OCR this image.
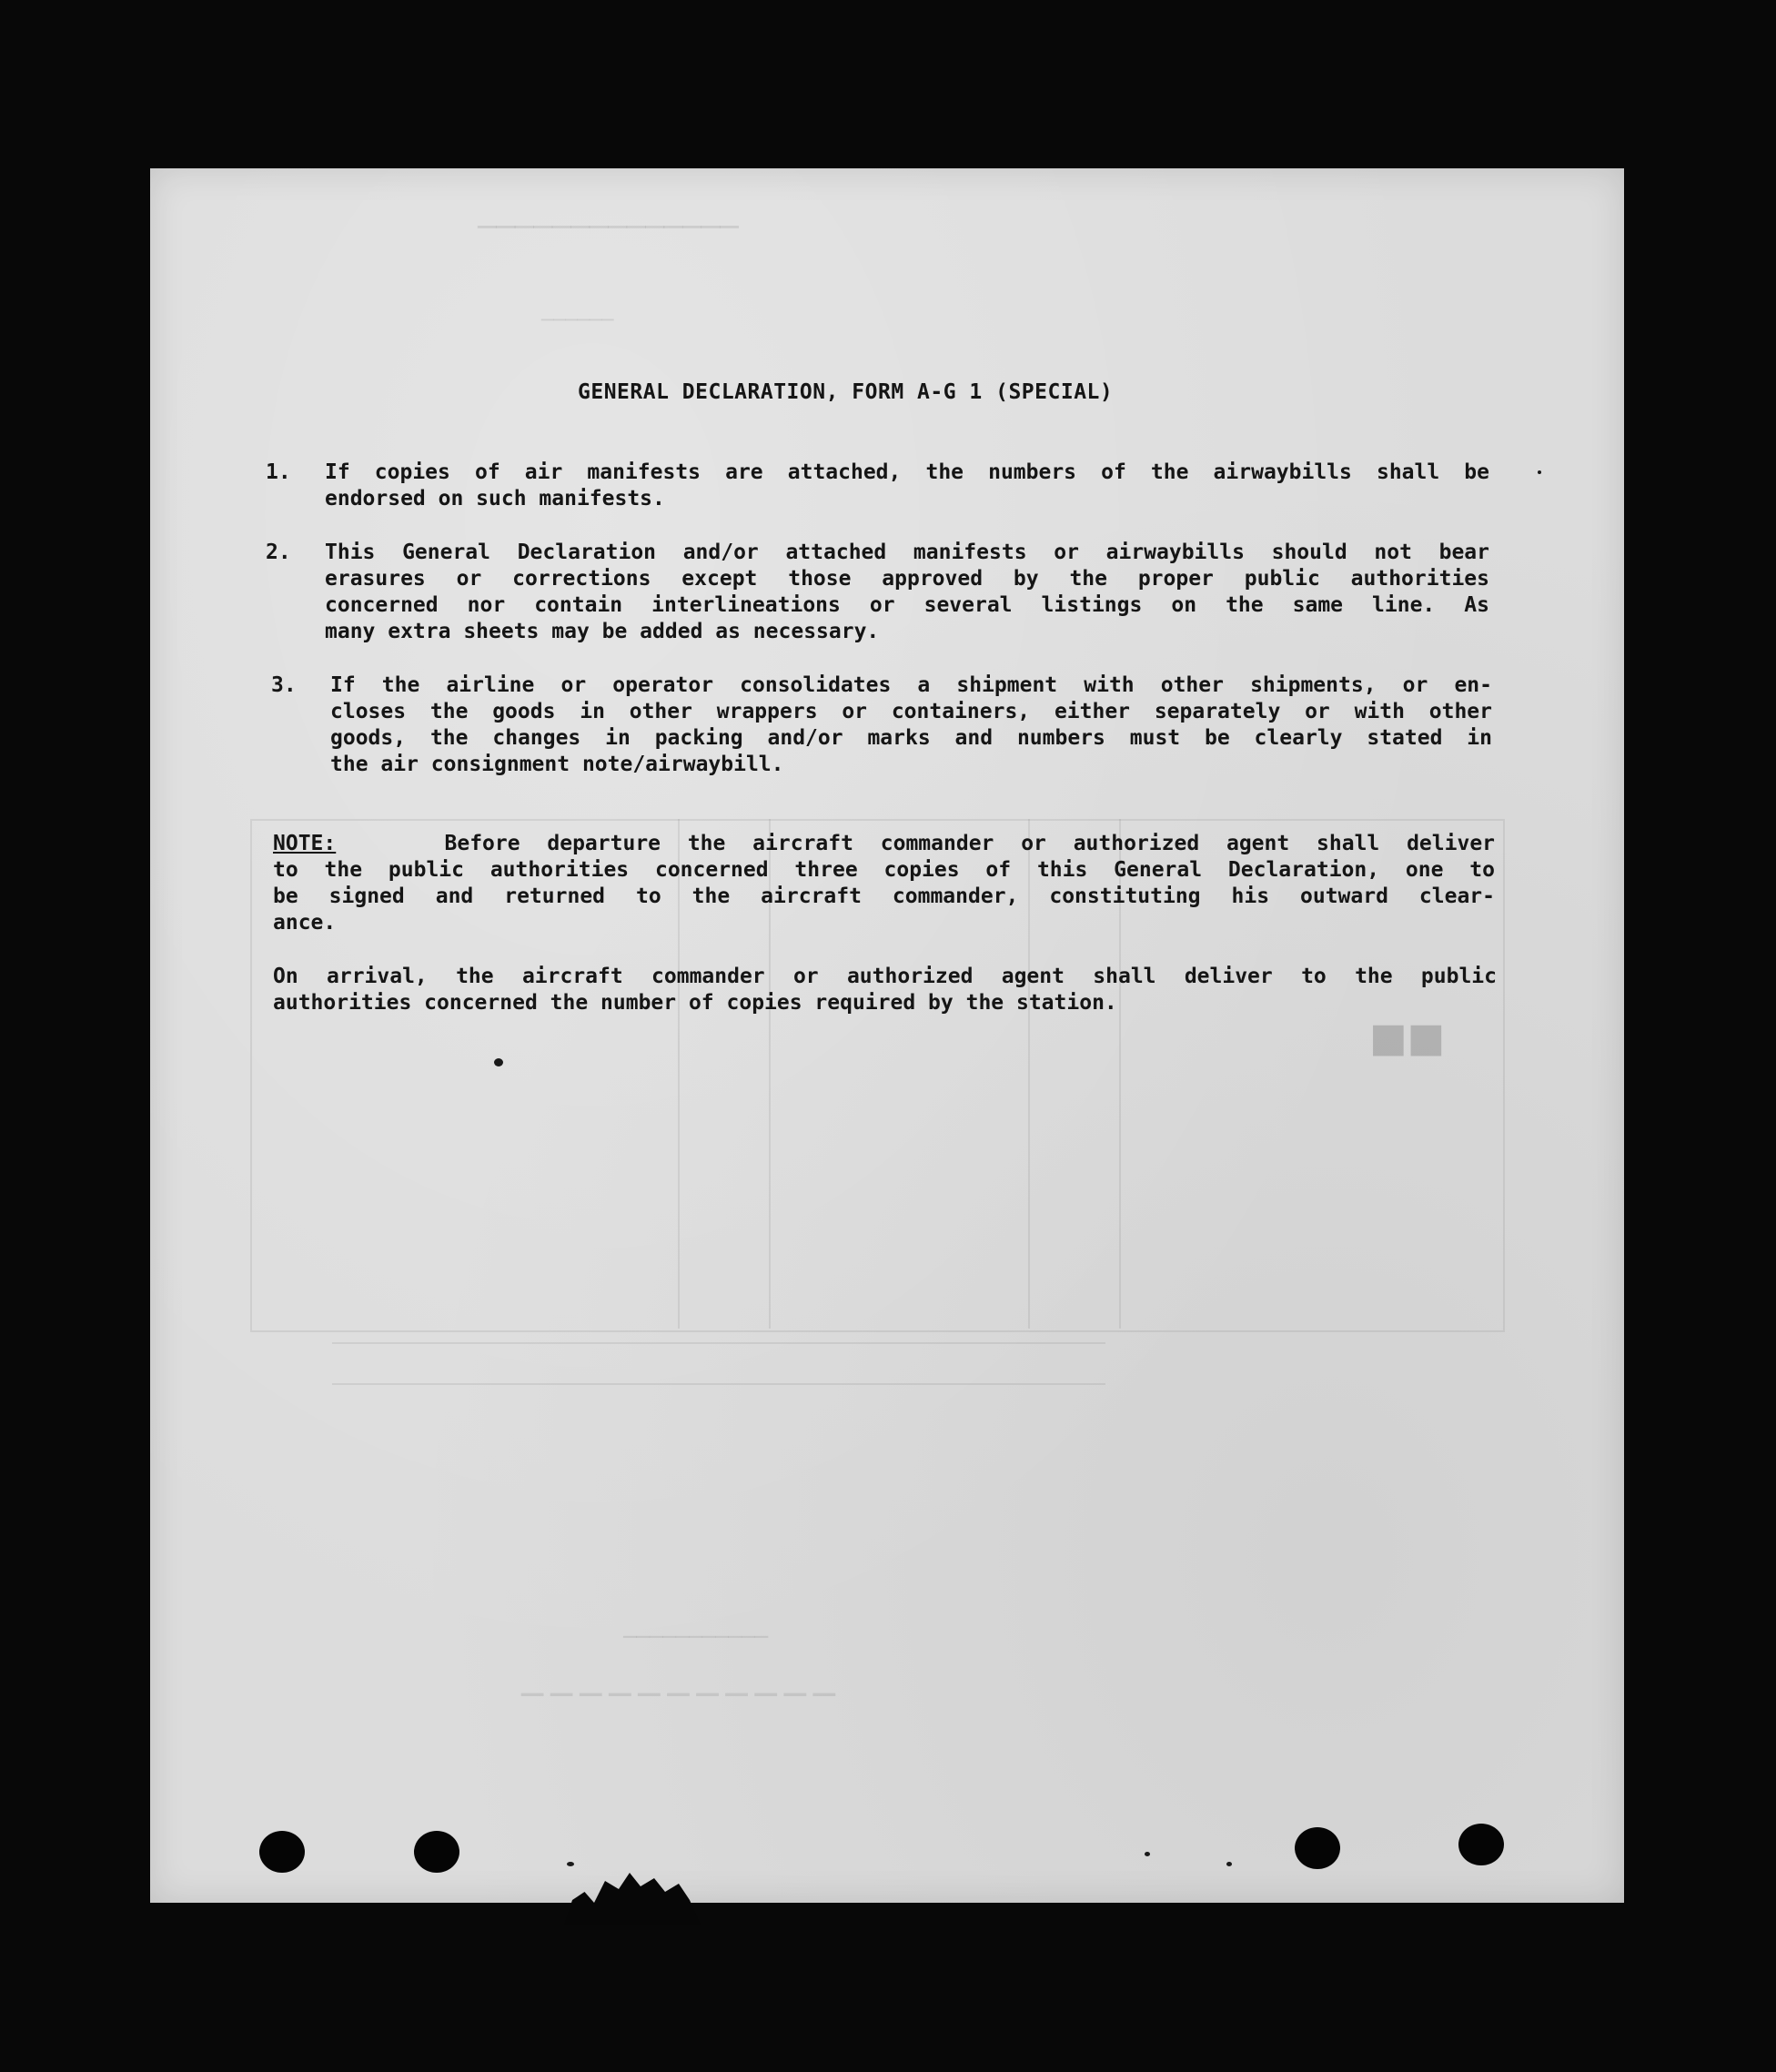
──────────────
──────
───────────
───────────
■■
GENERAL DECLARATION, FORM A-G 1 (SPECIAL)
1. If copies of air manifests are attached, the numbers of the airwaybills shall be
endorsed on such manifests.
2. This General Declaration and/or attached manifests or airwaybills should not bear
erasures or corrections except those approved by the proper public authorities
concerned nor contain interlineations or several listings on the same line. As
many extra sheets may be added as necessary.
3. If the airline or operator consolidates a shipment with other shipments, or en-
closes the goods in other wrappers or containers, either separately or with other
goods, the changes in packing and/or marks and numbers must be clearly stated in
the air consignment note/airwaybill.
NOTE:	Before departure the aircraft commander or authorized agent shall deliver
to the public authorities concerned three copies of this General Declaration, one to
be signed and returned to the aircraft commander, constituting his outward clear-
ance.
On arrival, the aircraft commander or authorized agent shall deliver to the public
authorities concerned the number of copies required by the station.
